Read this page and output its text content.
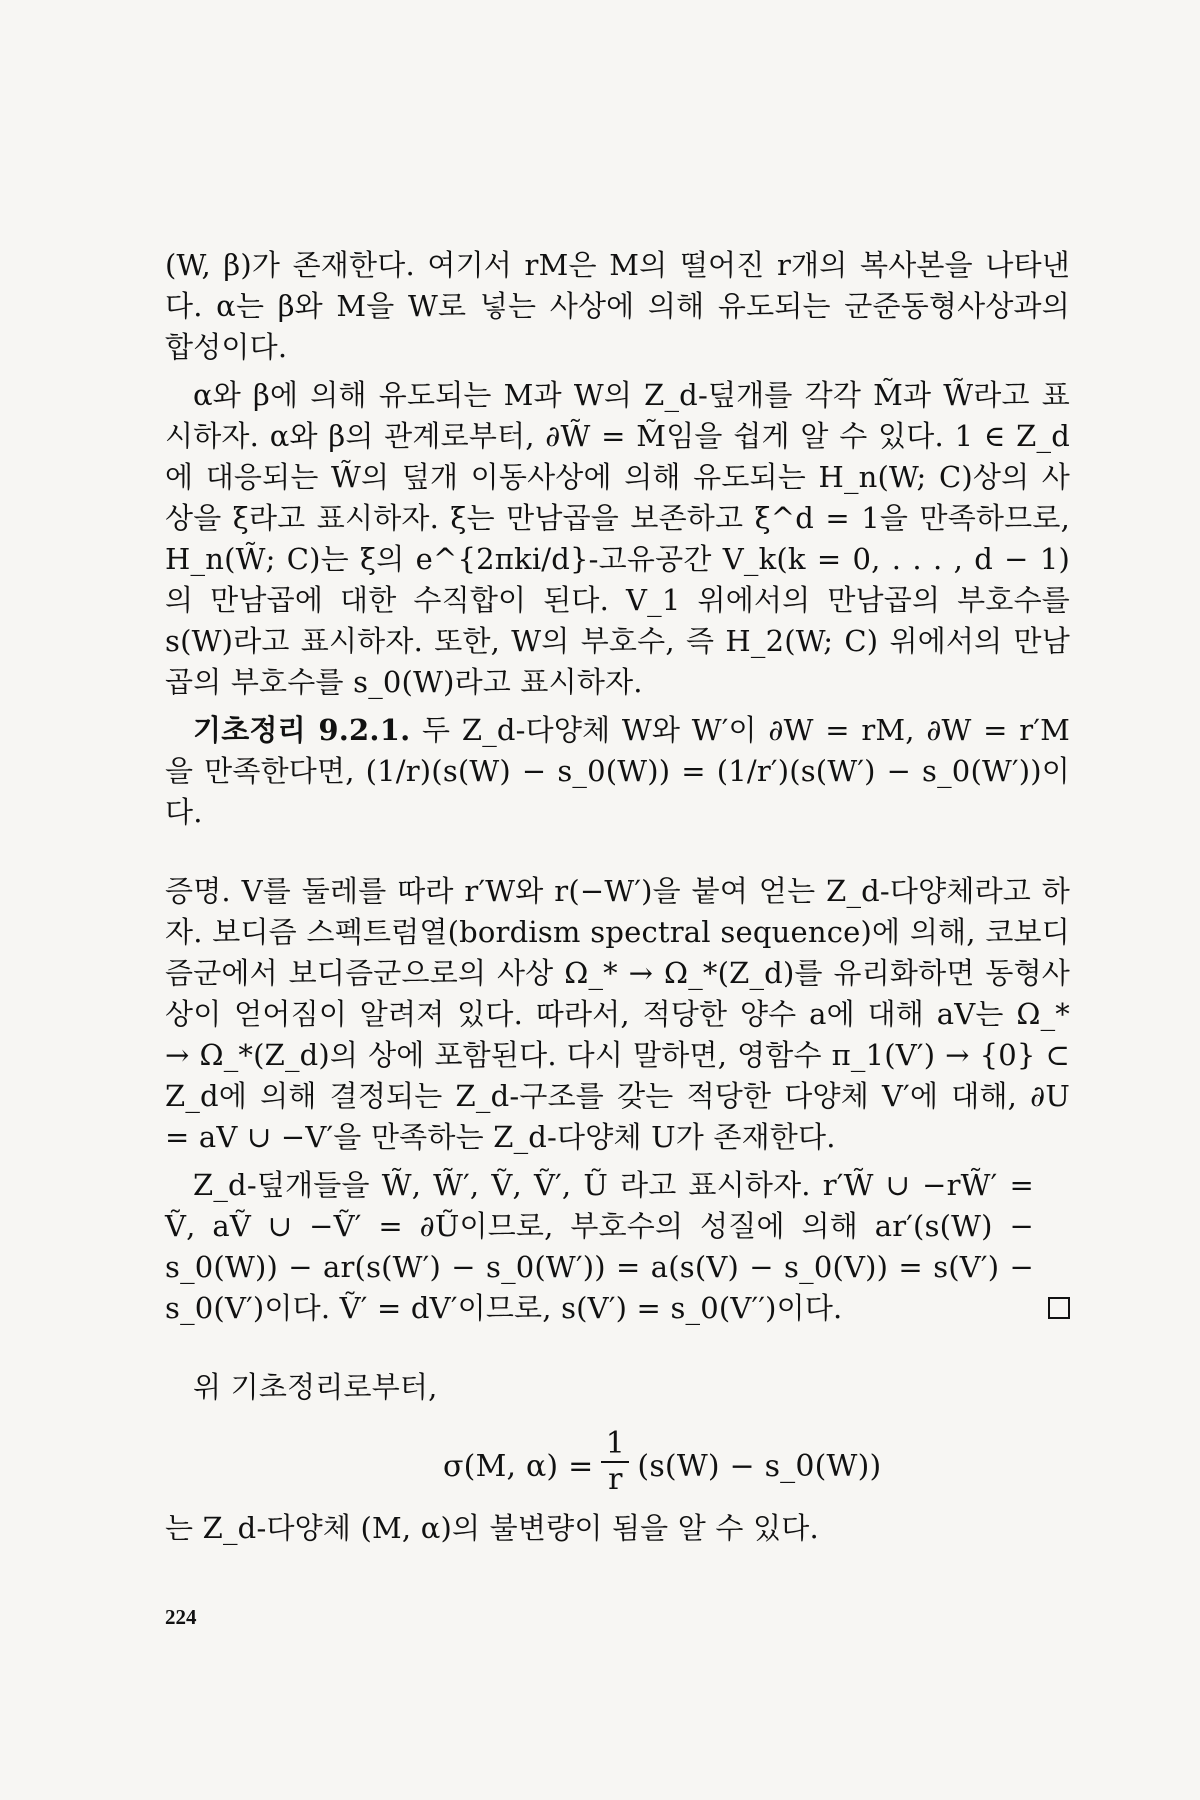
(W, β)가 존재한다. 여기서 rM은 M의 떨어진 r개의 복사본을 나타낸다. α는 β와 M을 W로 넣는 사상에 의해 유도되는 군준동형사상과의 합성이다.

α와 β에 의해 유도되는 M과 W의 Z_d-덮개를 각각 M̃과 W̃라고 표시하자. α와 β의 관계로부터, ∂W̃ = M̃임을 쉽게 알 수 있다. 1 ∈ Z_d에 대응되는 W̃의 덮개 이동사상에 의해 유도되는 H_n(W; C)상의 사상을 ξ라고 표시하자. ξ는 만남곱을 보존하고 ξ^d = 1을 만족하므로, H_n(W̃; C)는 ξ의 e^{2πki/d}-고유공간 V_k(k = 0, . . . , d − 1) 의 만남곱에 대한 수직합이 된다. V_1 위에서의 만남곱의 부호수를 s(W)라고 표시하자. 또한, W의 부호수, 즉 H_2(W; C) 위에서의 만남곱의 부호수를 s_0(W)라고 표시하자.

기초정리 9.2.1. 두 Z_d-다양체 W와 W′이 ∂W = rM, ∂W = r′M을 만족한다면, (1/r)(s(W) − s_0(W)) = (1/r′)(s(W′) − s_0(W′))이다.

증명. V를 둘레를 따라 r′W와 r(−W′)을 붙여 얻는 Z_d-다양체라고 하자. 보디즘 스펙트럼열(bordism spectral sequence)에 의해, 코보디즘군에서 보디즘군으로의 사상 Ω_* → Ω_*(Z_d)를 유리화하면 동형사상이 얻어짐이 알려져 있다. 따라서, 적당한 양수 a에 대해 aV는 Ω_* → Ω_*(Z_d)의 상에 포함된다. 다시 말하면, 영함수 π_1(V′) → {0} ⊂ Z_d에 의해 결정되는 Z_d-구조를 갖는 적당한 다양체 V′에 대해, ∂U = aV ∪ −V′을 만족하는 Z_d-다양체 U가 존재한다.

Z_d-덮개들을 W̃, W̃′, Ṽ, Ṽ′, Ũ 라고 표시하자. r′W̃ ∪ −rW̃′ = Ṽ, aṼ ∪ −Ṽ′ = ∂Ũ이므로, 부호수의 성질에 의해 ar′(s(W) − s_0(W)) − ar(s(W′) − s_0(W′)) = a(s(V) − s_0(V)) = s(V′) − s_0(V′)이다. Ṽ′ = dV′이므로, s(V′) = s_0(V′′)이다.

위 기초정리로부터,

σ(M, $\alpha) = \frac{1}{r} (s(W)$ − s_0(W))

는 Z_d-다양체 (M, α)의 불변량이 됨을 알 수 있다.

224
